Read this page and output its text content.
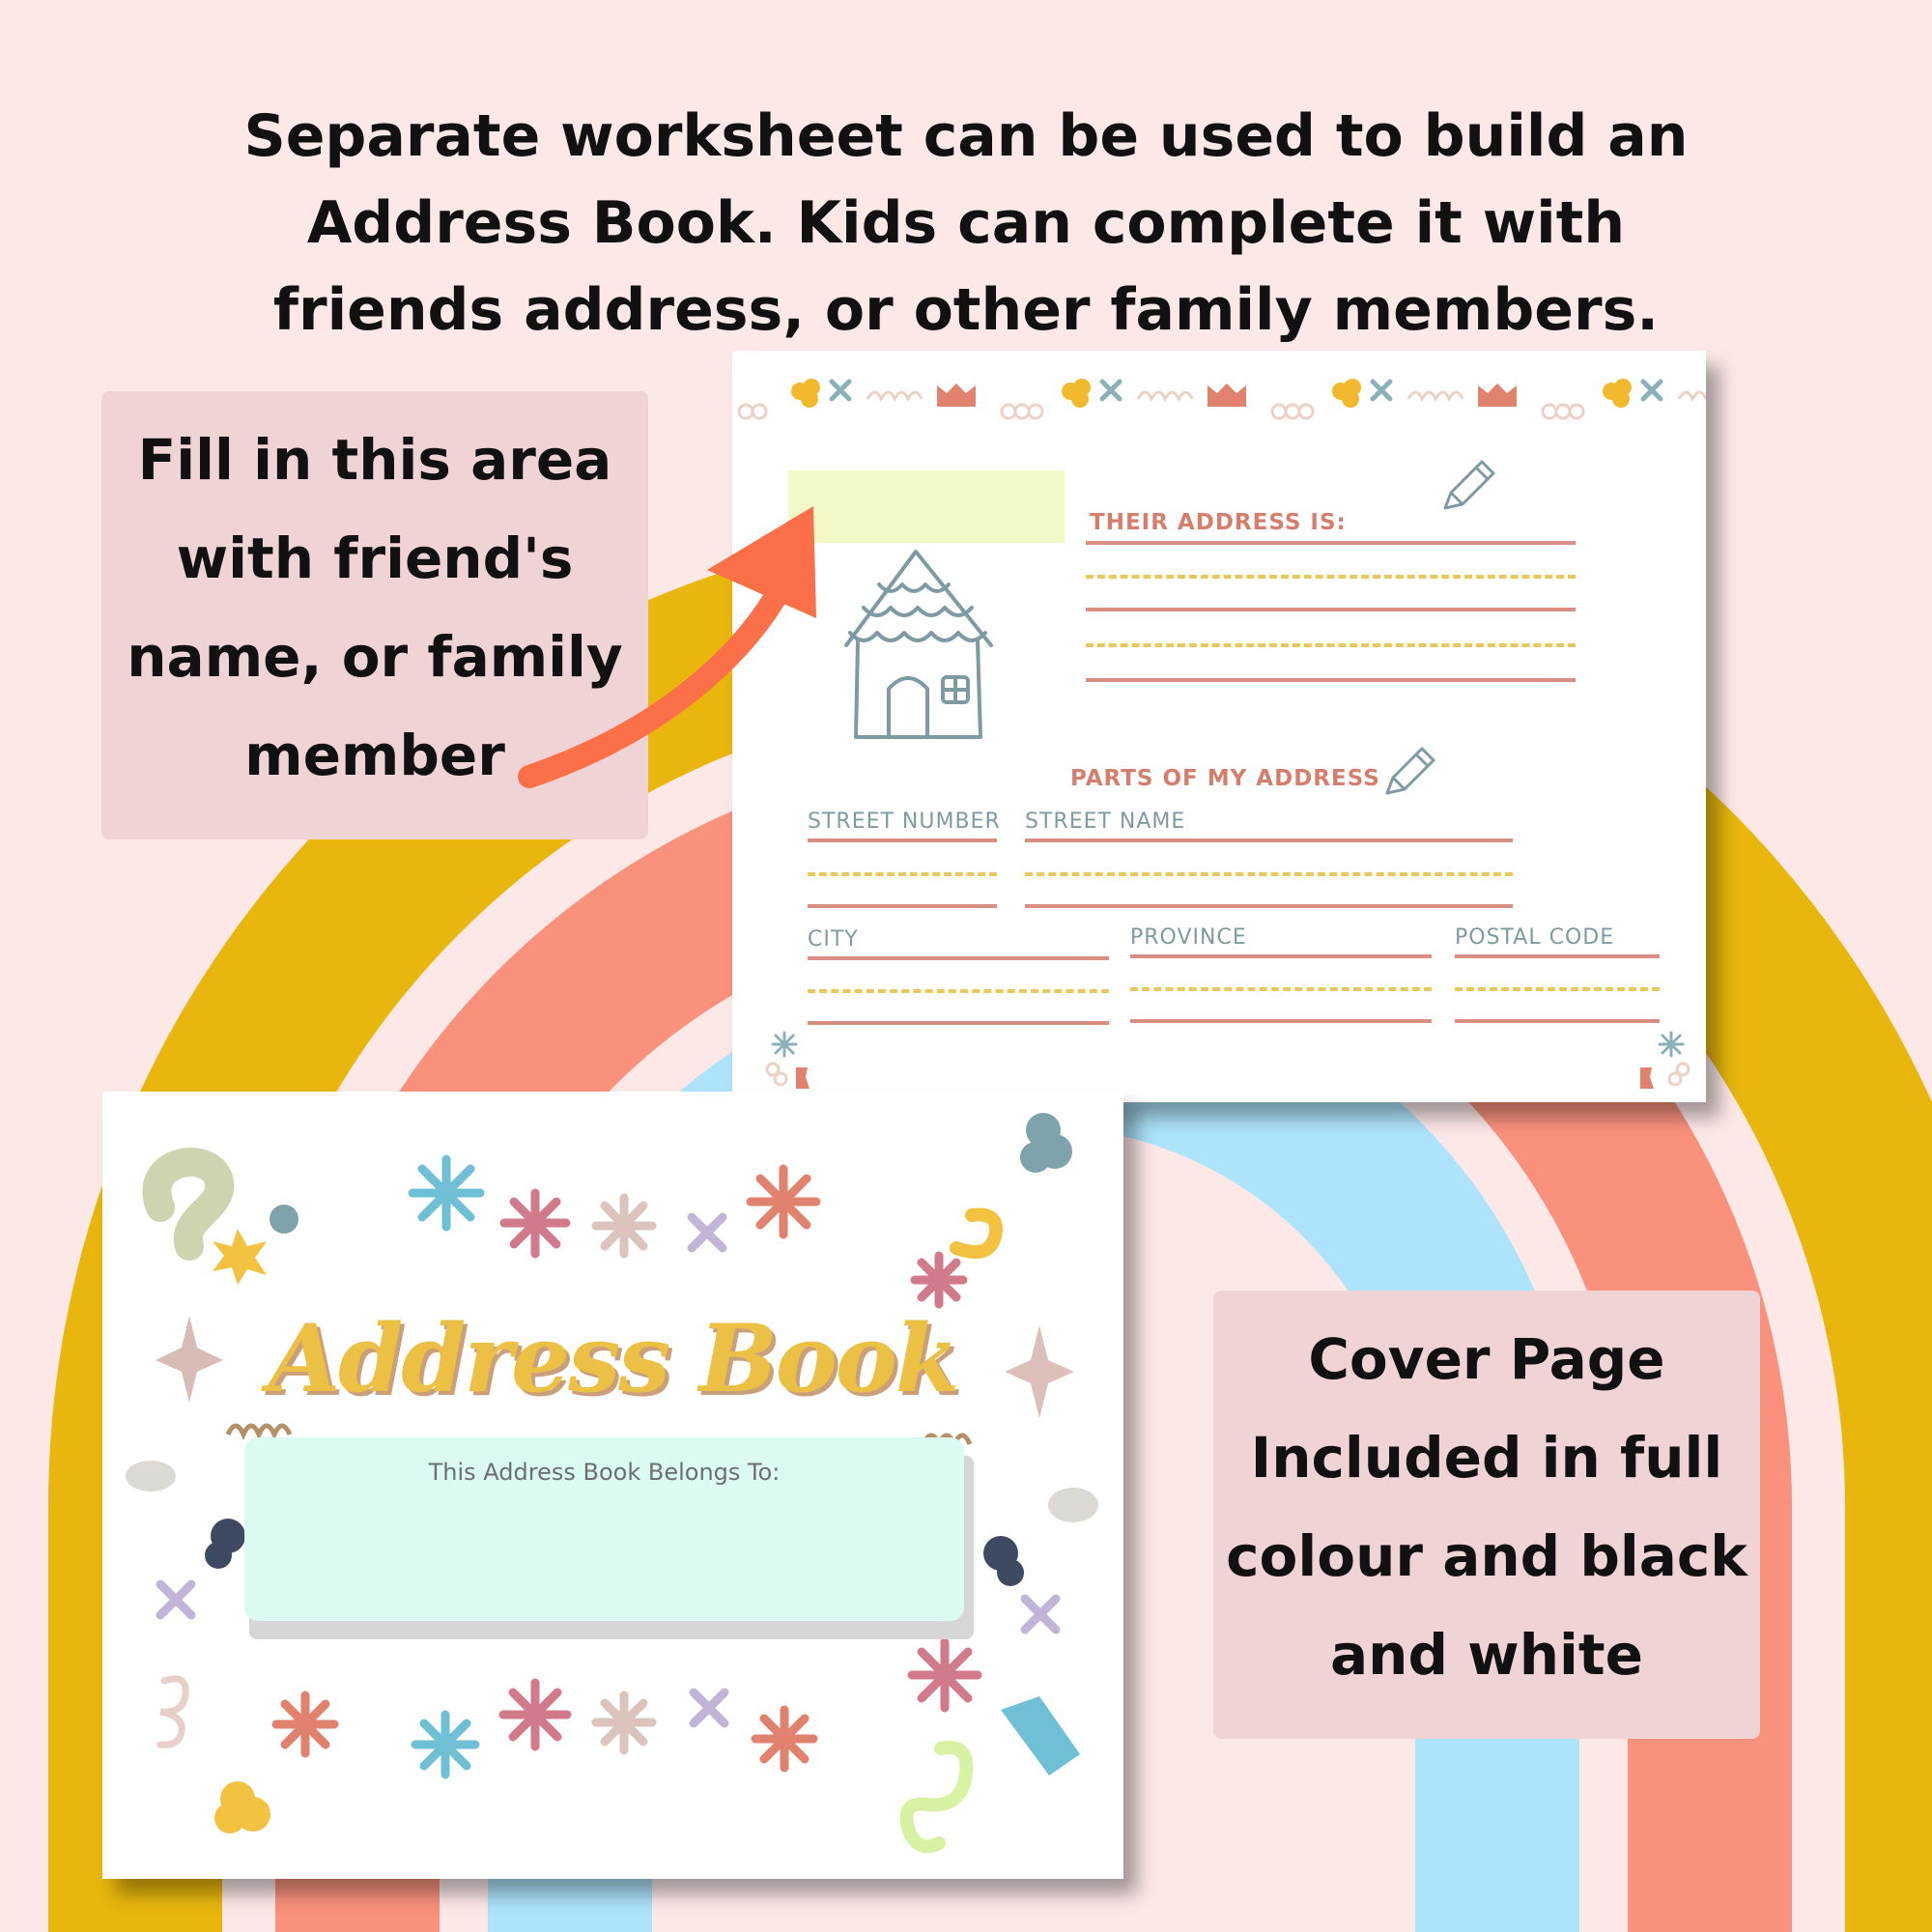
Separate worksheet can be used to build an
Address Book. Kids can complete it with
friends address, or other family members.
Fill in this area
with friend's
name, or family
member

THEIR ADDRESS IS:

PARTS OF MY ADDRESS

STREET NUMBER STREET NAME

CITY	PROVINCE	POSTAL CODE

Address Book

This Address Book Belongs To:

Cover Page
Included in full
colour and black
and white
